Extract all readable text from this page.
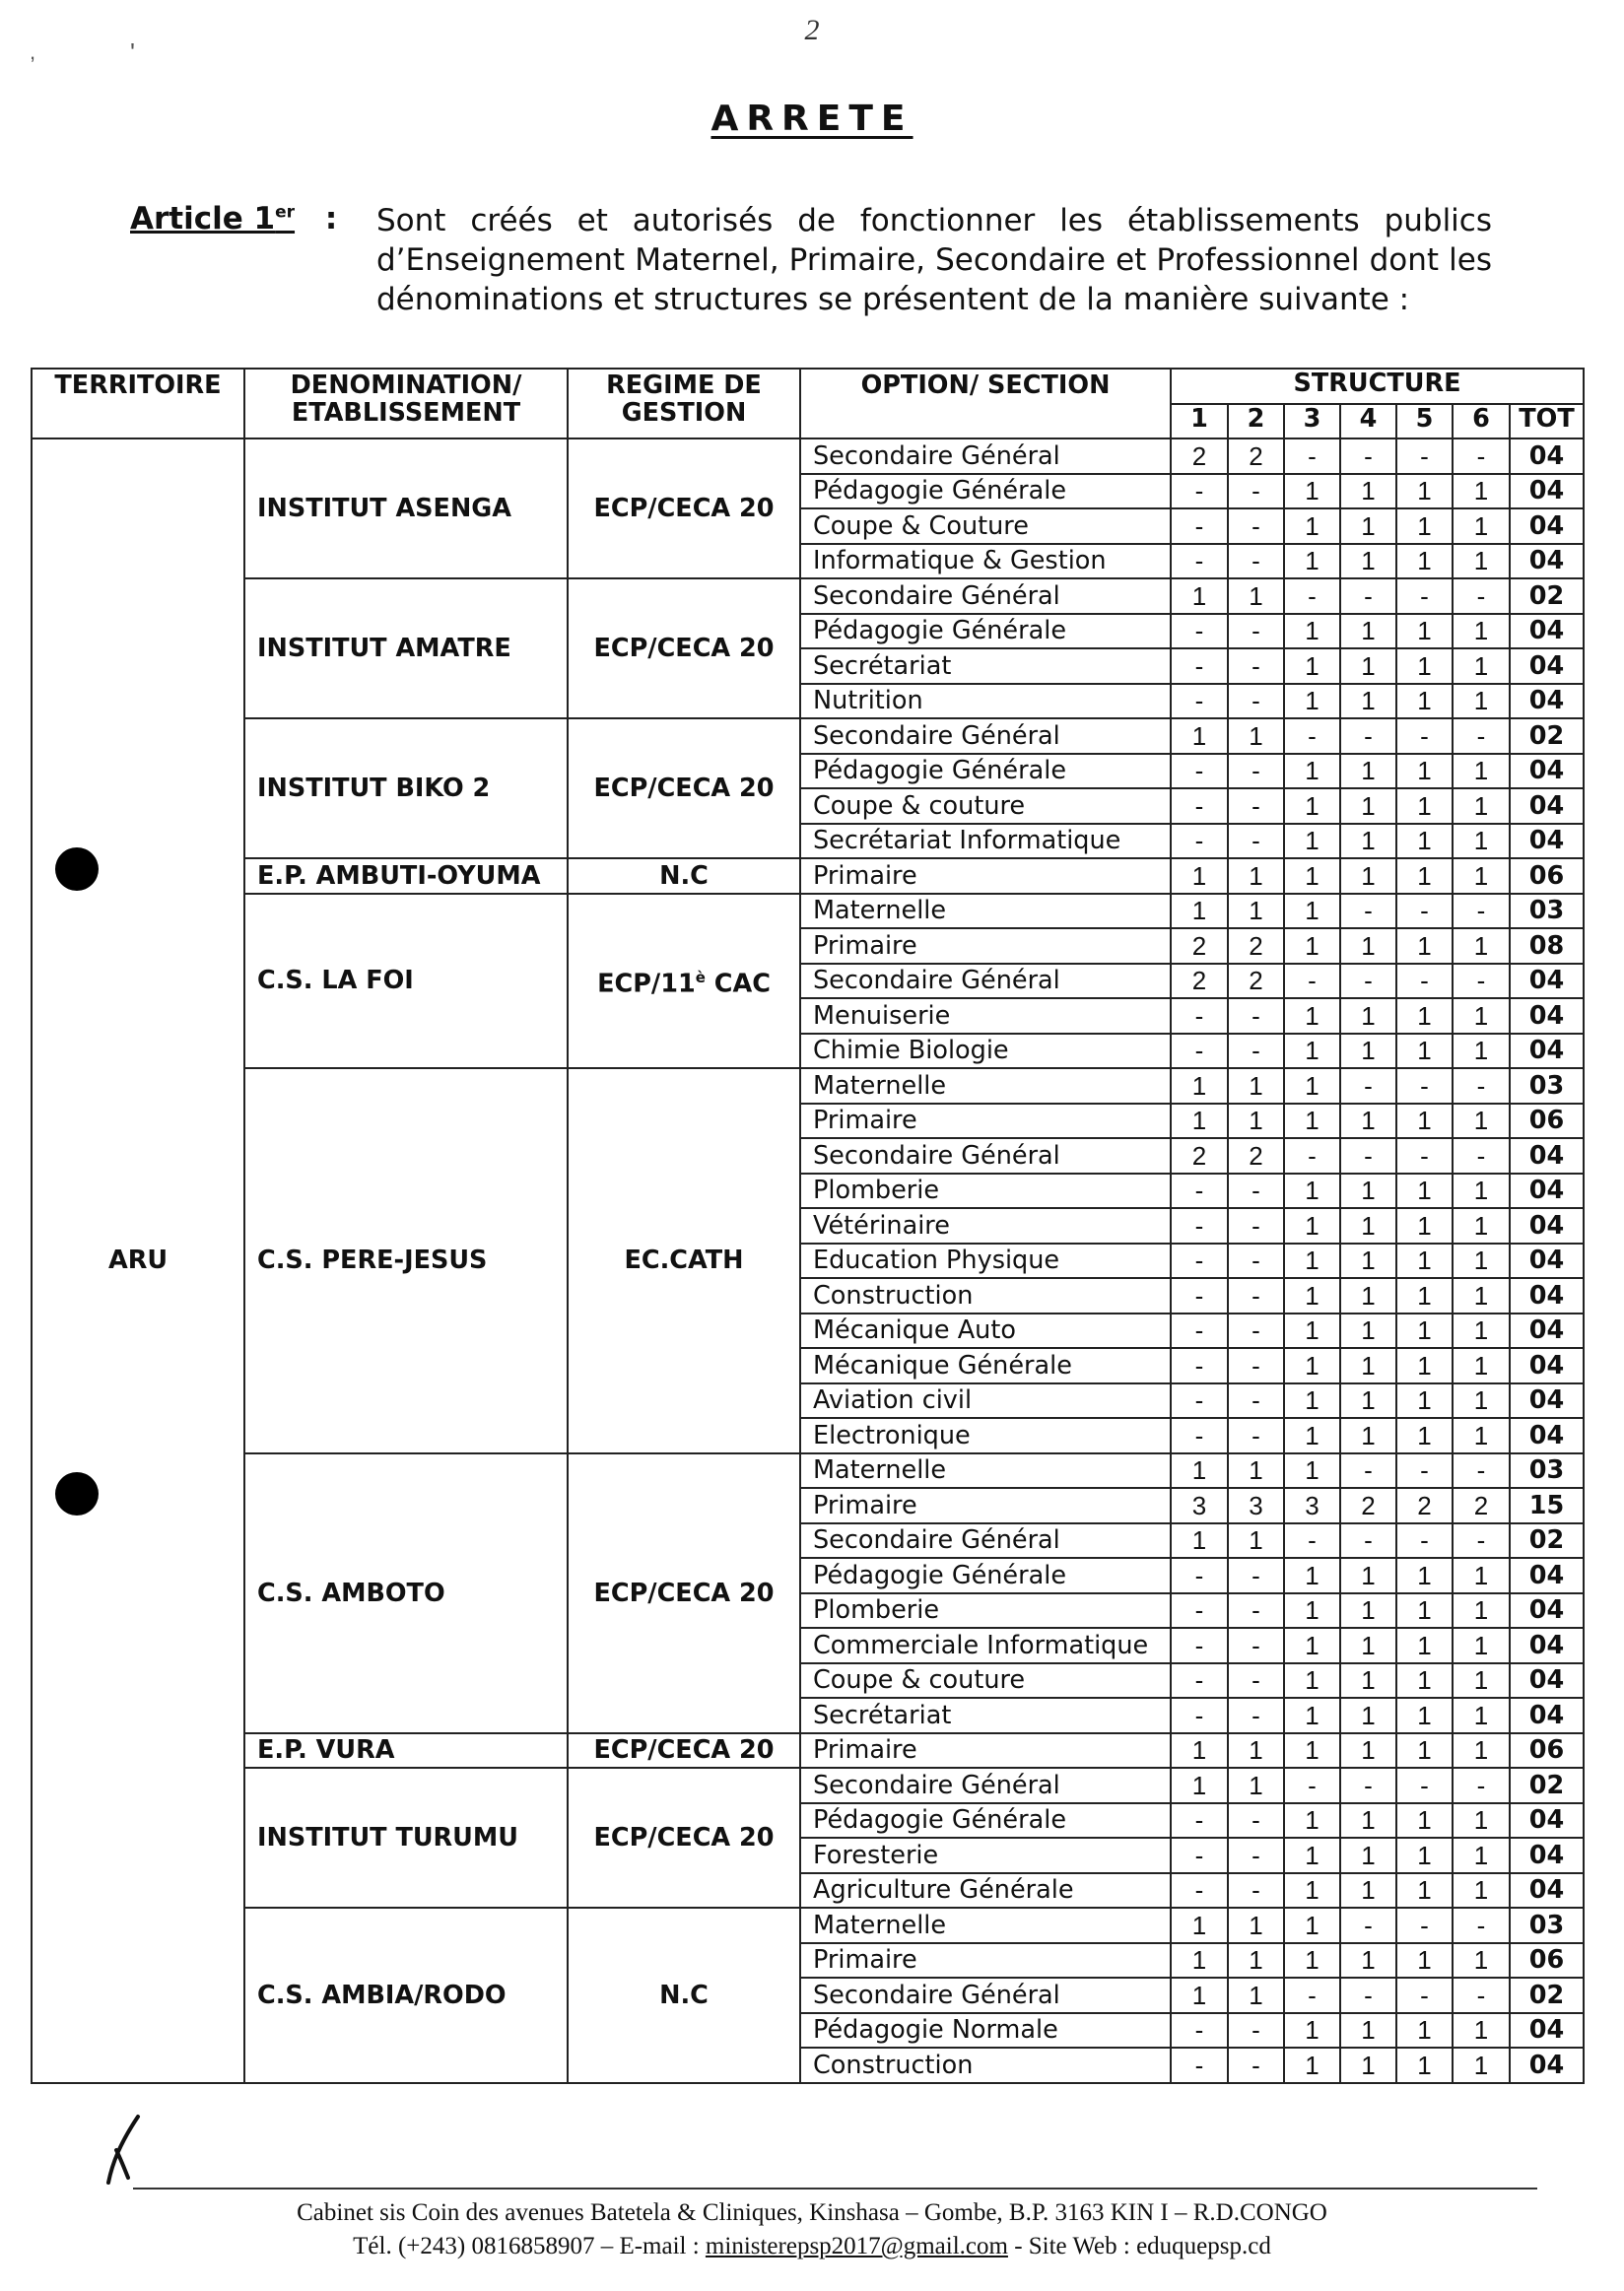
2
,	'
ARRETE
Article 1er : Sont créés et autorisés de fonctionner les établissements publics d’Enseignement Maternel, Primaire, Secondaire et Professionnel dont les dénominations et structures se présentent de la manière suivante :
TERRITOIRE	DENOMINATION/ ETABLISSEMENT	REGIME DE GESTION	OPTION/ SECTION	STRUCTURE						
				1	2	3	4	5	6	TOT
ARU	INSTITUT ASENGA	ECP/CECA 20	Secondaire Général	2	2	-	-	-	-	04
			Pédagogie Générale	-	-	1	1	1	1	04
			Coupe & Couture	-	-	1	1	1	1	04
			Informatique & Gestion	-	-	1	1	1	1	04
	INSTITUT AMATRE	ECP/CECA 20	Secondaire Général	1	1	-	-	-	-	02
			Pédagogie Générale	-	-	1	1	1	1	04
			Secrétariat	-	-	1	1	1	1	04
			Nutrition	-	-	1	1	1	1	04
	INSTITUT BIKO 2	ECP/CECA 20	Secondaire Général	1	1	-	-	-	-	02
			Pédagogie Générale	-	-	1	1	1	1	04
			Coupe & couture	-	-	1	1	1	1	04
			Secrétariat Informatique	-	-	1	1	1	1	04
	E.P. AMBUTI-OYUMA	N.C	Primaire	1	1	1	1	1	1	06
	C.S. LA FOI	ECP/$11^è$ CAC	Maternelle	1	1	1	-	-	-	03
			Primaire	2	2	1	1	1	1	08
			Secondaire Général	2	2	-	-	-	-	04
			Menuiserie	-	-	1	1	1	1	04
			Chimie Biologie	-	-	1	1	1	1	04
	C.S. PERE-JESUS	EC.CATH	Maternelle	1	1	1	-	-	-	03
			Primaire	1	1	1	1	1	1	06
			Secondaire Général	2	2	-	-	-	-	04
			Plomberie	-	-	1	1	1	1	04
			Vétérinaire	-	-	1	1	1	1	04
			Education Physique	-	-	1	1	1	1	04
			Construction	-	-	1	1	1	1	04
			Mécanique Auto	-	-	1	1	1	1	04
			Mécanique Générale	-	-	1	1	1	1	04
			Aviation civil	-	-	1	1	1	1	04
			Electronique	-	-	1	1	1	1	04
	C.S. AMBOTO	ECP/CECA 20	Maternelle	1	1	1	-	-	-	03
			Primaire	3	3	3	2	2	2	15
			Secondaire Général	1	1	-	-	-	-	02
			Pédagogie Générale	-	-	1	1	1	1	04
			Plomberie	-	-	1	1	1	1	04
			Commerciale Informatique	-	-	1	1	1	1	04
			Coupe & couture	-	-	1	1	1	1	04
			Secrétariat	-	-	1	1	1	1	04
	E.P. VURA	ECP/CECA 20	Primaire	1	1	1	1	1	1	06
	INSTITUT TURUMU	ECP/CECA 20	Secondaire Général	1	1	-	-	-	-	02
			Pédagogie Générale	-	-	1	1	1	1	04
			Foresterie	-	-	1	1	1	1	04
			Agriculture Générale	-	-	1	1	1	1	04
	C.S. AMBIA/RODO	N.C	Maternelle	1	1	1	-	-	-	03
			Primaire	1	1	1	1	1	1	06
			Secondaire Général	1	1	-	-	-	-	02
			Pédagogie Normale	-	-	1	1	1	1	04
			Construction	-	-	1	1	1	1	04
Cabinet sis Coin des avenues Batetela & Cliniques, Kinshasa – Gombe, B.P. 3163 KIN I – R.D.CONGO
Tél. (+243) 0816858907 – E-mail : ministerepsp2017@gmail.com - Site Web : eduquepsp.cd
